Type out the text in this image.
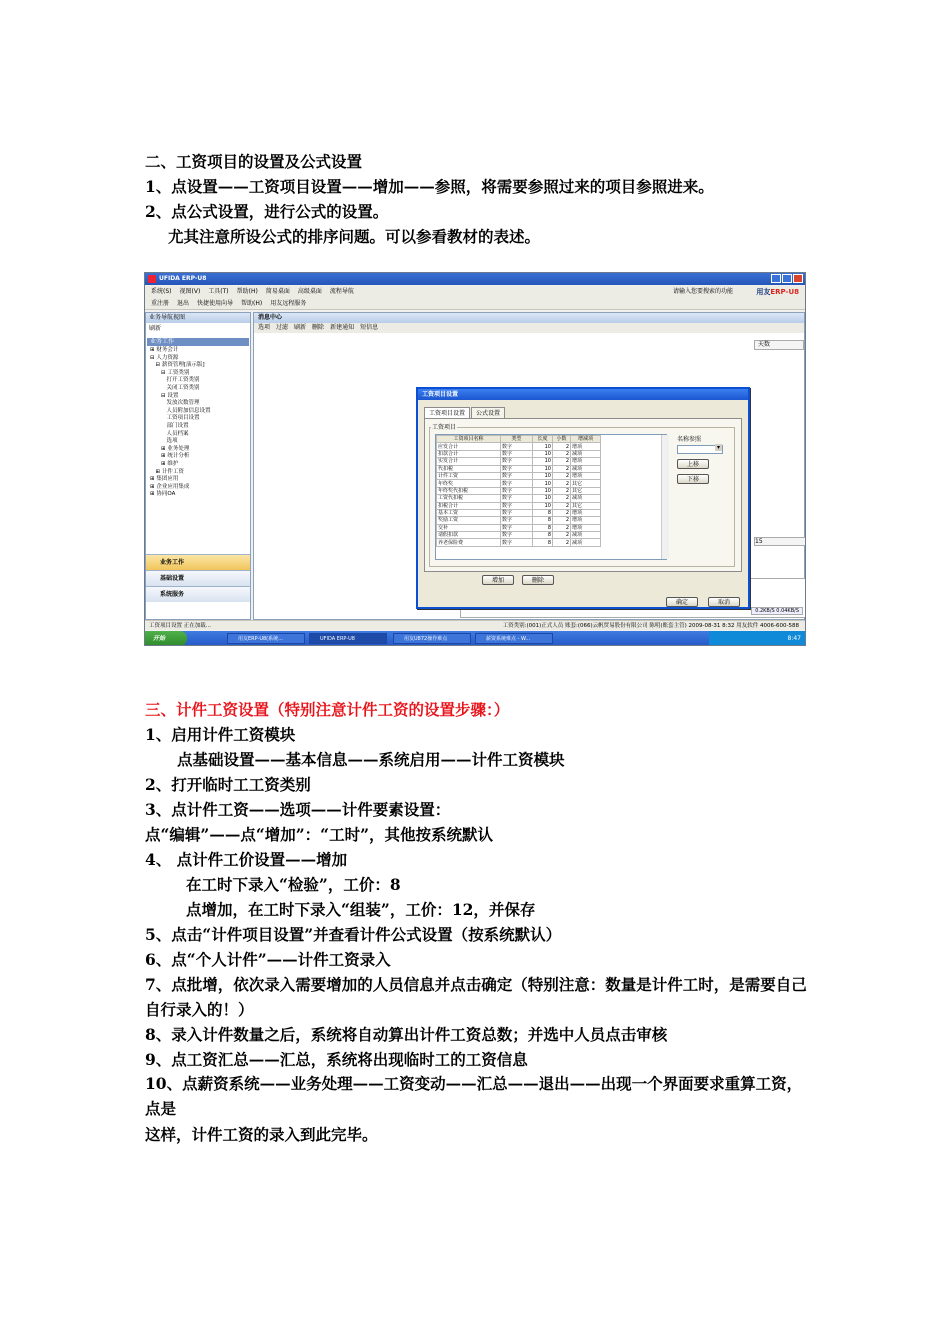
二、工资项目的设置及公式设置
1、点设置——工资项目设置——增加——参照，将需要参照过来的项目参照进来。
2、点公式设置，进行公式的设置。
尤其注意所设公式的排序问题。可以参看教材的表述。
UFIDA ERP-U8
系统(S) 视图(V) 工具(T) 帮助(H) 简易桌面 高级桌面 流程导航	请输入您要搜索的功能	用友ERP-U8
重注册 退出 快捷使用向导 帮助(H) 用友远程服务
业务导航视图
刷新
业务工作
⊞ 财务会计
⊟ 人力资源
　⊟ 薪资管理[演示版]
　　⊟ 工资类别
　　　打开工资类别
　　　关闭工资类别
　　⊟ 设置
　　　发放次数管理
　　　人员附加信息设置
　　　工资项目设置
　　　部门设置
　　　人员档案
　　　选项
　　⊞ 业务处理
　　⊞ 统计分析
　　⊞ 维护
　⊞ 计件工资
⊞ 集团应用
⊞ 企业应用集成
⊞ 协同OA
业务工作
基础设置
系统服务
消息中心
选项 过滤 刷新 删除 新建通知 短信息
天数
15
0.2KB/S 0.04KB/S
工资项目设置
工资项目设置	公式设置
工资项目
工资项目名称	类型	长度	小数	增减项
应发合计	数字	10	2	增项
扣款合计	数字	10	2	减项
实发合计	数字	10	2	增项
代扣税	数字	10	2	减项
计件工资	数字	10	2	增项
年终奖	数字	10	2	其它
年终奖代扣税	数字	10	2	其它
工资代扣税	数字	10	2	减项
扣税合计	数字	10	2	其它
基本工资	数字	8	2	增项
奖励工资	数字	8	2	增项
交补	数字	8	2	增项
请假扣款	数字	8	2	减项
养老保险费	数字	8	2	减项
名称参照
▾
上移
下移
增加	删除
确定	取消
工资项目设置 正在加载...	工资类别:(001)正式人员 账套:(066)云帆贸易股份有限公司 陈明(账套主管) 2009-08-31 8:32 用友软件 4006-600-588
开始	用友ERP-U8(系统...	UFIDA ERP-U8	用友U872操作难点	薪资系统难点 - W...	8:47
三、计件工资设置（特别注意计件工资的设置步骤：）
1、启用计件工资模块
点基础设置——基本信息——系统启用——计件工资模块
2、打开临时工工资类别
3、点计件工资——选项——计件要素设置：
点“编辑”——点“增加”：“工时”，其他按系统默认
4、 点计件工价设置——增加
在工时下录入“检验”，工价：8
点增加，在工时下录入“组装”，工价：12，并保存
5、点击“计件项目设置”并查看计件公式设置（按系统默认）
6、点“个人计件”——计件工资录入
7、点批增，依次录入需要增加的人员信息并点击确定（特别注意：数量是计件工时，是需要自己自行录入的！）
8、录入计件数量之后，系统将自动算出计件工资总数；并选中人员点击审核
9、点工资汇总——汇总，系统将出现临时工的工资信息
10、点薪资系统——业务处理——工资变动——汇总——退出——出现一个界面要求重算工资，点是
这样，计件工资的录入到此完毕。
